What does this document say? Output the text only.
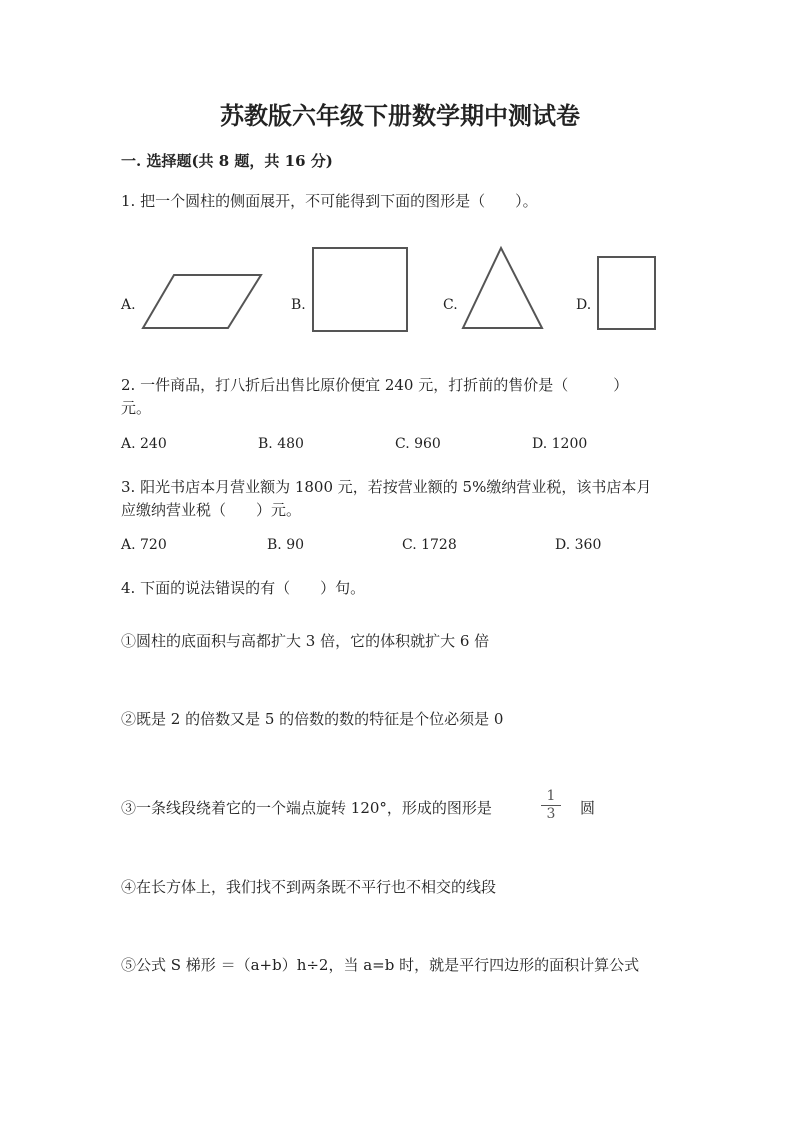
苏教版六年级下册数学期中测试卷
一. 选择题(共 8 题，共 16 分)
1. 把一个圆柱的侧面展开，不可能得到下面的图形是（　　）。
A.	B.	C.	D.
2. 一件商品，打八折后出售比原价便宜 240 元，打折前的售价是（　　　）
元。
A. 240	B. 480	C. 960	D. 1200
3. 阳光书店本月营业额为 1800 元，若按营业额的 5%缴纳营业税，该书店本月
应缴纳营业税（　　）元。
A. 720	B. 90	C. 1728	D. 360
4. 下面的说法错误的有（　　）句。
①圆柱的底面积与高都扩大 3 倍，它的体积就扩大 6 倍
②既是 2 的倍数又是 5 的倍数的数的特征是个位必须是 0
③一条线段绕着它的一个端点旋转 120°，形成的图形是	$\frac{1}{3}$ 圆
④在长方体上，我们找不到两条既不平行也不相交的线段
⑤公式 S 梯形 ＝（a+b）h÷2，当 a=b 时，就是平行四边形的面积计算公式
